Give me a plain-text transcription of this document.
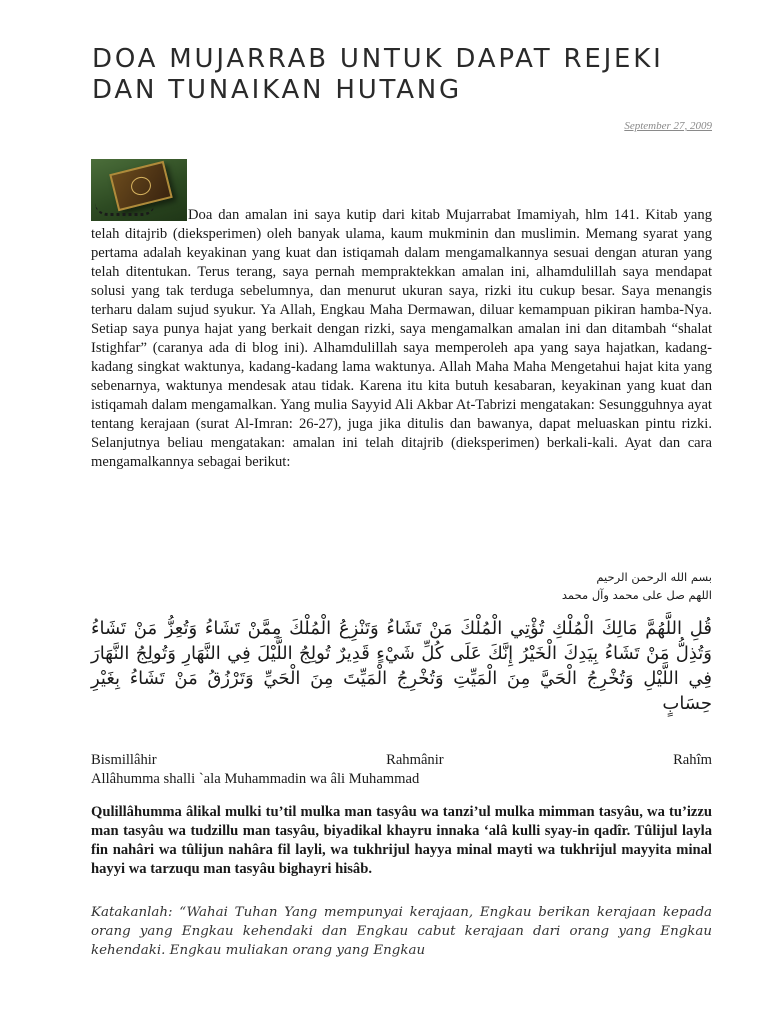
DOA MUJARRAB UNTUK DAPAT REJEKI DAN TUNAIKAN HUTANG
September 27, 2009

Doa dan amalan ini saya kutip dari kitab Mujarrabat Imamiyah, hlm 141. Kitab yang telah ditajrib (dieksperimen) oleh banyak ulama, kaum mukminin dan muslimin. Memang syarat yang pertama adalah keyakinan yang kuat dan istiqamah dalam mengamalkannya sesuai dengan aturan yang telah ditentukan. Terus terang, saya pernah mempraktekkan amalan ini, alhamdulillah saya mendapat solusi yang tak terduga sebelumnya, dan menurut ukuran saya, rizki itu cukup besar. Saya menangis terharu dalam sujud syukur. Ya Allah, Engkau Maha Dermawan, diluar kemampuan pikiran hamba-Nya. Setiap saya punya hajat yang berkait dengan rizki, saya mengamalkan amalan ini dan ditambah “shalat Istighfar” (caranya ada di blog ini). Alhamdulillah saya memperoleh apa yang saya hajatkan, kadang-kadang singkat waktunya, kadang-kadang lama waktunya. Allah Maha Maha Mengetahui hajat kita yang sebenarnya, waktunya mendesak atau tidak. Karena itu kita butuh kesabaran, keyakinan yang kuat dan istiqamah dalam mengamalkan. Yang mulia Sayyid Ali Akbar At-Tabrizi mengatakan: Sesungguhnya ayat tentang kerajaan (surat Al-Imran: 26-27), juga jika ditulis dan bawanya, dapat meluaskan pintu rizki. Selanjutnya beliau mengatakan: amalan ini telah ditajrib (dieksperimen) berkali-kali. Ayat dan cara mengamalkannya sebagai berikut:

بسم الله الرحمن الرحيم

اللهم صل على محمد وآل محمد

قُلِ اللَّهُمَّ مَالِكَ الْمُلْكِ تُؤْتِي الْمُلْكَ مَنْ تَشَاءُ وَتَنْزِعُ الْمُلْكَ مِمَّنْ تَشَاءُ وَتُعِزُّ مَنْ تَشَاءُ وَتُذِلُّ مَنْ تَشَاءُ بِيَدِكَ الْخَيْرُ إِنَّكَ عَلَى كُلِّ شَيْءٍ قَدِيرٌ تُولِجُ اللَّيْلَ فِي النَّهَارِ وَتُولِجُ النَّهَارَ فِي اللَّيْلِ وَتُخْرِجُ الْحَيَّ مِنَ الْمَيِّتِ وَتُخْرِجُ الْمَيِّتَ مِنَ الْحَيِّ وَتَرْزُقُ مَنْ تَشَاءُ بِغَيْرِ حِسَابٍ
Bismillâhir	Rahmânir	Rahîm
Allâhumma shalli `ala Muhammadin wa âli Muhammad

Qulillâhumma âlikal mulki tu’til mulka man tasyâu wa tanzi’ul mulka mimman tasyâu, wa tu’izzu man tasyâu wa tudzillu man tasyâu, biyadikal khayru innaka ‘alâ kulli syay-in qadîr. Tûlijul layla fin nahâri wa tûlijun nahâra fil layli, wa tukhrijul hayya minal mayti wa tukhrijul mayyita minal hayyi wa tarzuqu man tasyâu bighayri hisâb.

Katakanlah: “Wahai Tuhan Yang mempunyai kerajaan, Engkau berikan kerajaan kepada orang yang Engkau kehendaki dan Engkau cabut kerajaan dari orang yang Engkau kehendaki. Engkau muliakan orang yang Engkau
